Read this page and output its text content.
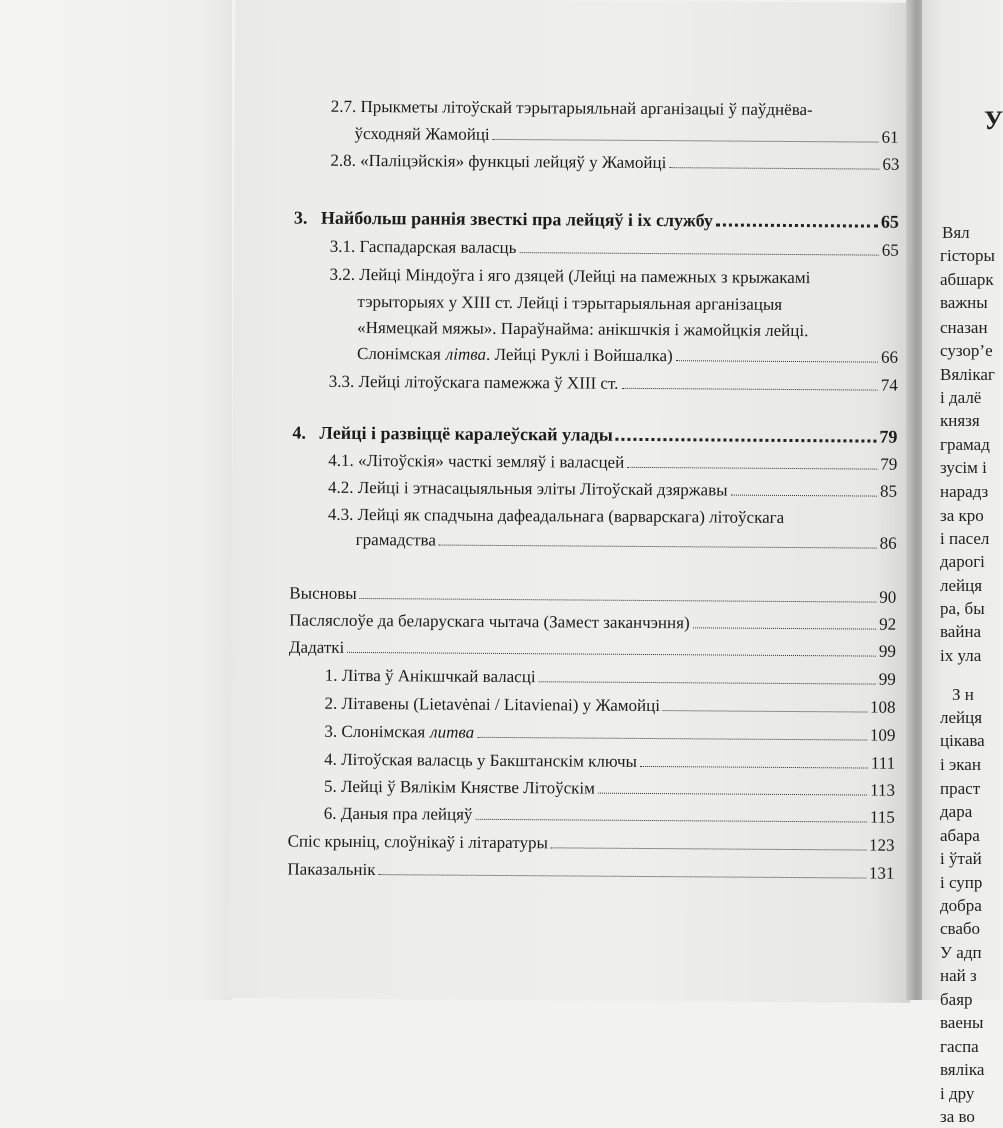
2.7. Прыкметы літоўскай тэрытарыяльнай арганізацыі ў паўднёва-
ўсходняй Жамойці	61
2.8. «Паліцэйскія» функцыі лейцяў у Жамойці	63
3.   Найбольш раннія звесткі пра лейцяў і іх службу	65
3.1. Гаспадарская валасць	65
3.2. Лейці Міндоўга і яго дзяцей (Лейці на памежных з крыжакамі
тэрыторыях у ХІІІ ст. Лейці і тэрытарыяльная арганізацыя
«Нямецкай мяжы». Параўнайма: анікшчкія і жамойцкія лейці.
Слонімская літва . Лейці Руклі і Войшалка)	66
3.3. Лейці літоўскага памежжа ў ХІІІ ст.	74
4.   Лейці і развіццё каралеўскай улады	79
4.1. «Літоўскія» часткі земляў і валасцей	79
4.2. Лейці і этнасацыяльныя эліты Літоўскай дзяржавы	85
4.3. Лейці як спадчына дафеадальнага (варварскага) літоўскага
грамадства	86
Высновы	90
Пасляслоўе да беларускага чытача (Замест заканчэння)	92
Дадаткі	99
1. Літва ў Анікшчкай валасці	99
2. Літавены (Lietavėnai / Litavienai) у Жамойці	108
3. Слонімская литва	109
4. Літоўская валасць у Бакштанскім ключы	111
5. Лейці ў Вялікім Княстве Літоўскім	113
6. Даныя пра лейцяў	115
Спіс крыніц, слоўнікаў і літаратуры	123
Паказальнік	131
У
Вял
гісторы
абшарк
важны
сназан
сузор’е
Вялікаг
і далё
князя
грамад
зусім і
нарадз
за кро
і пасел
дарогі
лейця
ра, бы
вайна
іх ула
З н
лейця
цікава
і экан
праст
дара
абара
і ўтай
і супр
добра
свабо
У адп
най з
баяр
ваены
гаспа
вяліка
і дру
за во
